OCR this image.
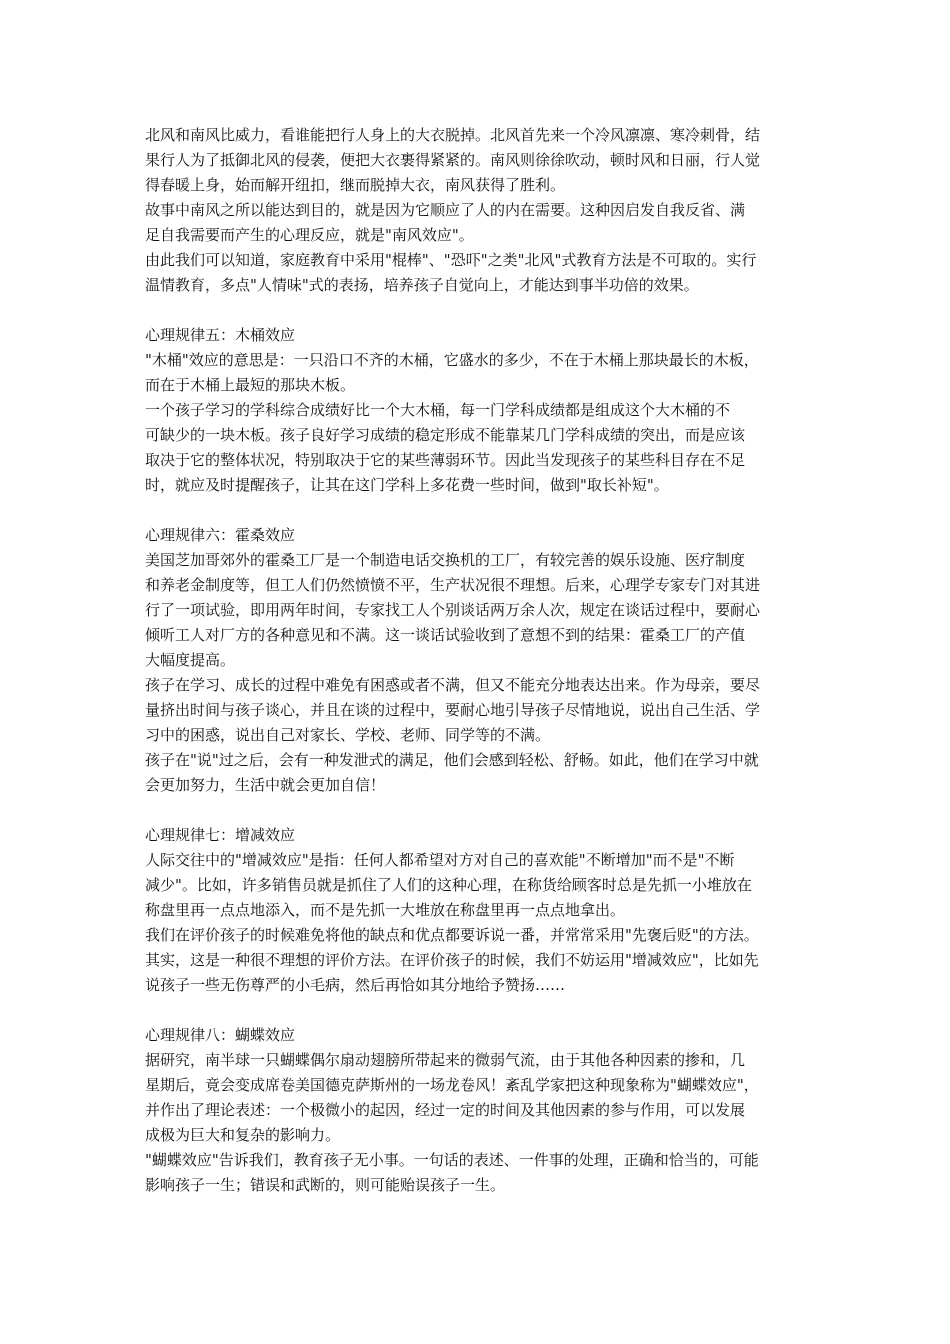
北风和南风比威力，看谁能把行人身上的大衣脱掉。北风首先来一个冷风凛凛、寒冷刺骨，结
果行人为了抵御北风的侵袭，便把大衣裹得紧紧的。南风则徐徐吹动，顿时风和日丽，行人觉
得春暖上身，始而解开纽扣，继而脱掉大衣，南风获得了胜利。
故事中南风之所以能达到目的，就是因为它顺应了人的内在需要。这种因启发自我反省、满
足自我需要而产生的心理反应，就是"南风效应"。
由此我们可以知道，家庭教育中采用"棍棒"、"恐吓"之类"北风"式教育方法是不可取的。实行
温情教育，多点"人情味"式的表扬，培养孩子自觉向上，才能达到事半功倍的效果。
心理规律五：木桶效应
"木桶"效应的意思是：一只沿口不齐的木桶，它盛水的多少，不在于木桶上那块最长的木板，
而在于木桶上最短的那块木板。
一个孩子学习的学科综合成绩好比一个大木桶，每一门学科成绩都是组成这个大木桶的不
可缺少的一块木板。孩子良好学习成绩的稳定形成不能靠某几门学科成绩的突出，而是应该
取决于它的整体状况，特别取决于它的某些薄弱环节。因此当发现孩子的某些科目存在不足
时，就应及时提醒孩子，让其在这门学科上多花费一些时间，做到"取长补短"。
心理规律六：霍桑效应
美国芝加哥郊外的霍桑工厂是一个制造电话交换机的工厂，有较完善的娱乐设施、医疗制度
和养老金制度等，但工人们仍然愤愤不平，生产状况很不理想。后来，心理学专家专门对其进
行了一项试验，即用两年时间，专家找工人个别谈话两万余人次，规定在谈话过程中，要耐心
倾听工人对厂方的各种意见和不满。这一谈话试验收到了意想不到的结果：霍桑工厂的产值
大幅度提高。
孩子在学习、成长的过程中难免有困惑或者不满，但又不能充分地表达出来。作为母亲，要尽
量挤出时间与孩子谈心，并且在谈的过程中，要耐心地引导孩子尽情地说，说出自己生活、学
习中的困惑，说出自己对家长、学校、老师、同学等的不满。
孩子在"说"过之后，会有一种发泄式的满足，他们会感到轻松、舒畅。如此，他们在学习中就
会更加努力，生活中就会更加自信！
心理规律七：增减效应
人际交往中的"增减效应"是指：任何人都希望对方对自己的喜欢能"不断增加"而不是"不断
减少"。比如，许多销售员就是抓住了人们的这种心理，在称货给顾客时总是先抓一小堆放在
称盘里再一点点地添入，而不是先抓一大堆放在称盘里再一点点地拿出。
我们在评价孩子的时候难免将他的缺点和优点都要诉说一番，并常常采用"先褒后贬"的方法。
其实，这是一种很不理想的评价方法。在评价孩子的时候，我们不妨运用"增减效应"，比如先
说孩子一些无伤尊严的小毛病，然后再恰如其分地给予赞扬……
心理规律八：蝴蝶效应
据研究，南半球一只蝴蝶偶尔扇动翅膀所带起来的微弱气流，由于其他各种因素的掺和，几
星期后，竟会变成席卷美国德克萨斯州的一场龙卷风！紊乱学家把这种现象称为"蝴蝶效应"，
并作出了理论表述：一个极微小的起因，经过一定的时间及其他因素的参与作用，可以发展
成极为巨大和复杂的影响力。
"蝴蝶效应"告诉我们，教育孩子无小事。一句话的表述、一件事的处理，正确和恰当的，可能
影响孩子一生；错误和武断的，则可能贻误孩子一生。
